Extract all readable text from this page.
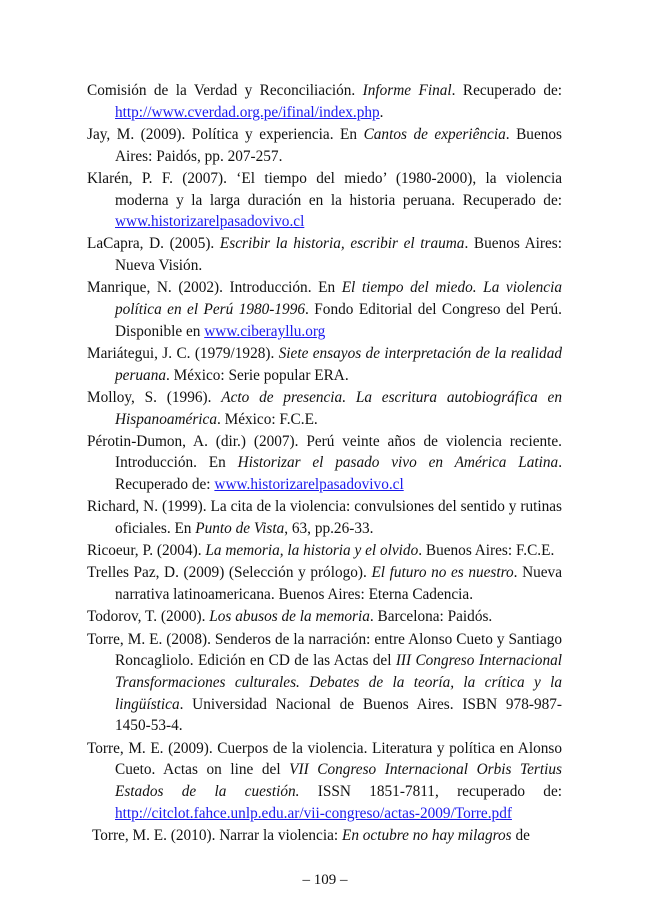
Comisión de la Verdad y Reconciliación. Informe Final. Recuperado de: http://www.cverdad.org.pe/ifinal/index.php.

Jay, M. (2009). Política y experiencia. En Cantos de experiência. Buenos Aires: Paidós, pp. 207-257.

Klarén, P. F. (2007). ‘El tiempo del miedo’ (1980-2000), la violencia moderna y la larga duración en la historia peruana. Recuperado de: www.historizarelpasadovivo.cl

LaCapra, D. (2005). Escribir la historia, escribir el trauma. Buenos Aires: Nueva Visión.

Manrique, N. (2002). Introducción. En El tiempo del miedo. La violencia política en el Perú 1980-1996. Fondo Editorial del Congreso del Perú. Disponible en www.ciberayllu.org

Mariátegui, J. C. (1979/1928). Siete ensayos de interpretación de la realidad peruana. México: Serie popular ERA.

Molloy, S. (1996). Acto de presencia. La escritura autobiográfica en Hispanoamérica. México: F.C.E.

Pérotin-Dumon, A. (dir.) (2007). Perú veinte años de violencia reciente. Introducción. En Historizar el pasado vivo en América Latina. Recuperado de: www.historizarelpasadovivo.cl

Richard, N. (1999). La cita de la violencia: convulsiones del sentido y rutinas oficiales. En Punto de Vista, 63, pp.26-33.

Ricoeur, P. (2004). La memoria, la historia y el olvido. Buenos Aires: F.C.E.

Trelles Paz, D. (2009) (Selección y prólogo). El futuro no es nuestro. Nueva narrativa latinoamericana. Buenos Aires: Eterna Cadencia.

Todorov, T. (2000). Los abusos de la memoria. Barcelona: Paidós.

Torre, M. E. (2008). Senderos de la narración: entre Alonso Cueto y Santiago Roncagliolo. Edición en CD de las Actas del III Congreso Internacional Transformaciones culturales. Debates de la teoría, la crítica y la lingüística. Universidad Nacional de Buenos Aires. ISBN 978-987-1450-53-4.

Torre, M. E. (2009). Cuerpos de la violencia. Literatura y política en Alonso Cueto. Actas on line del VII Congreso Internacional Orbis Tertius Estados de la cuestión. ISSN 1851-7811, recuperado de: http://citclot.fahce.unlp.edu.ar/vii-congreso/actas-2009/Torre.pdf

Torre, M. E. (2010). Narrar la violencia: En octubre no hay milagros de

– 109 –
